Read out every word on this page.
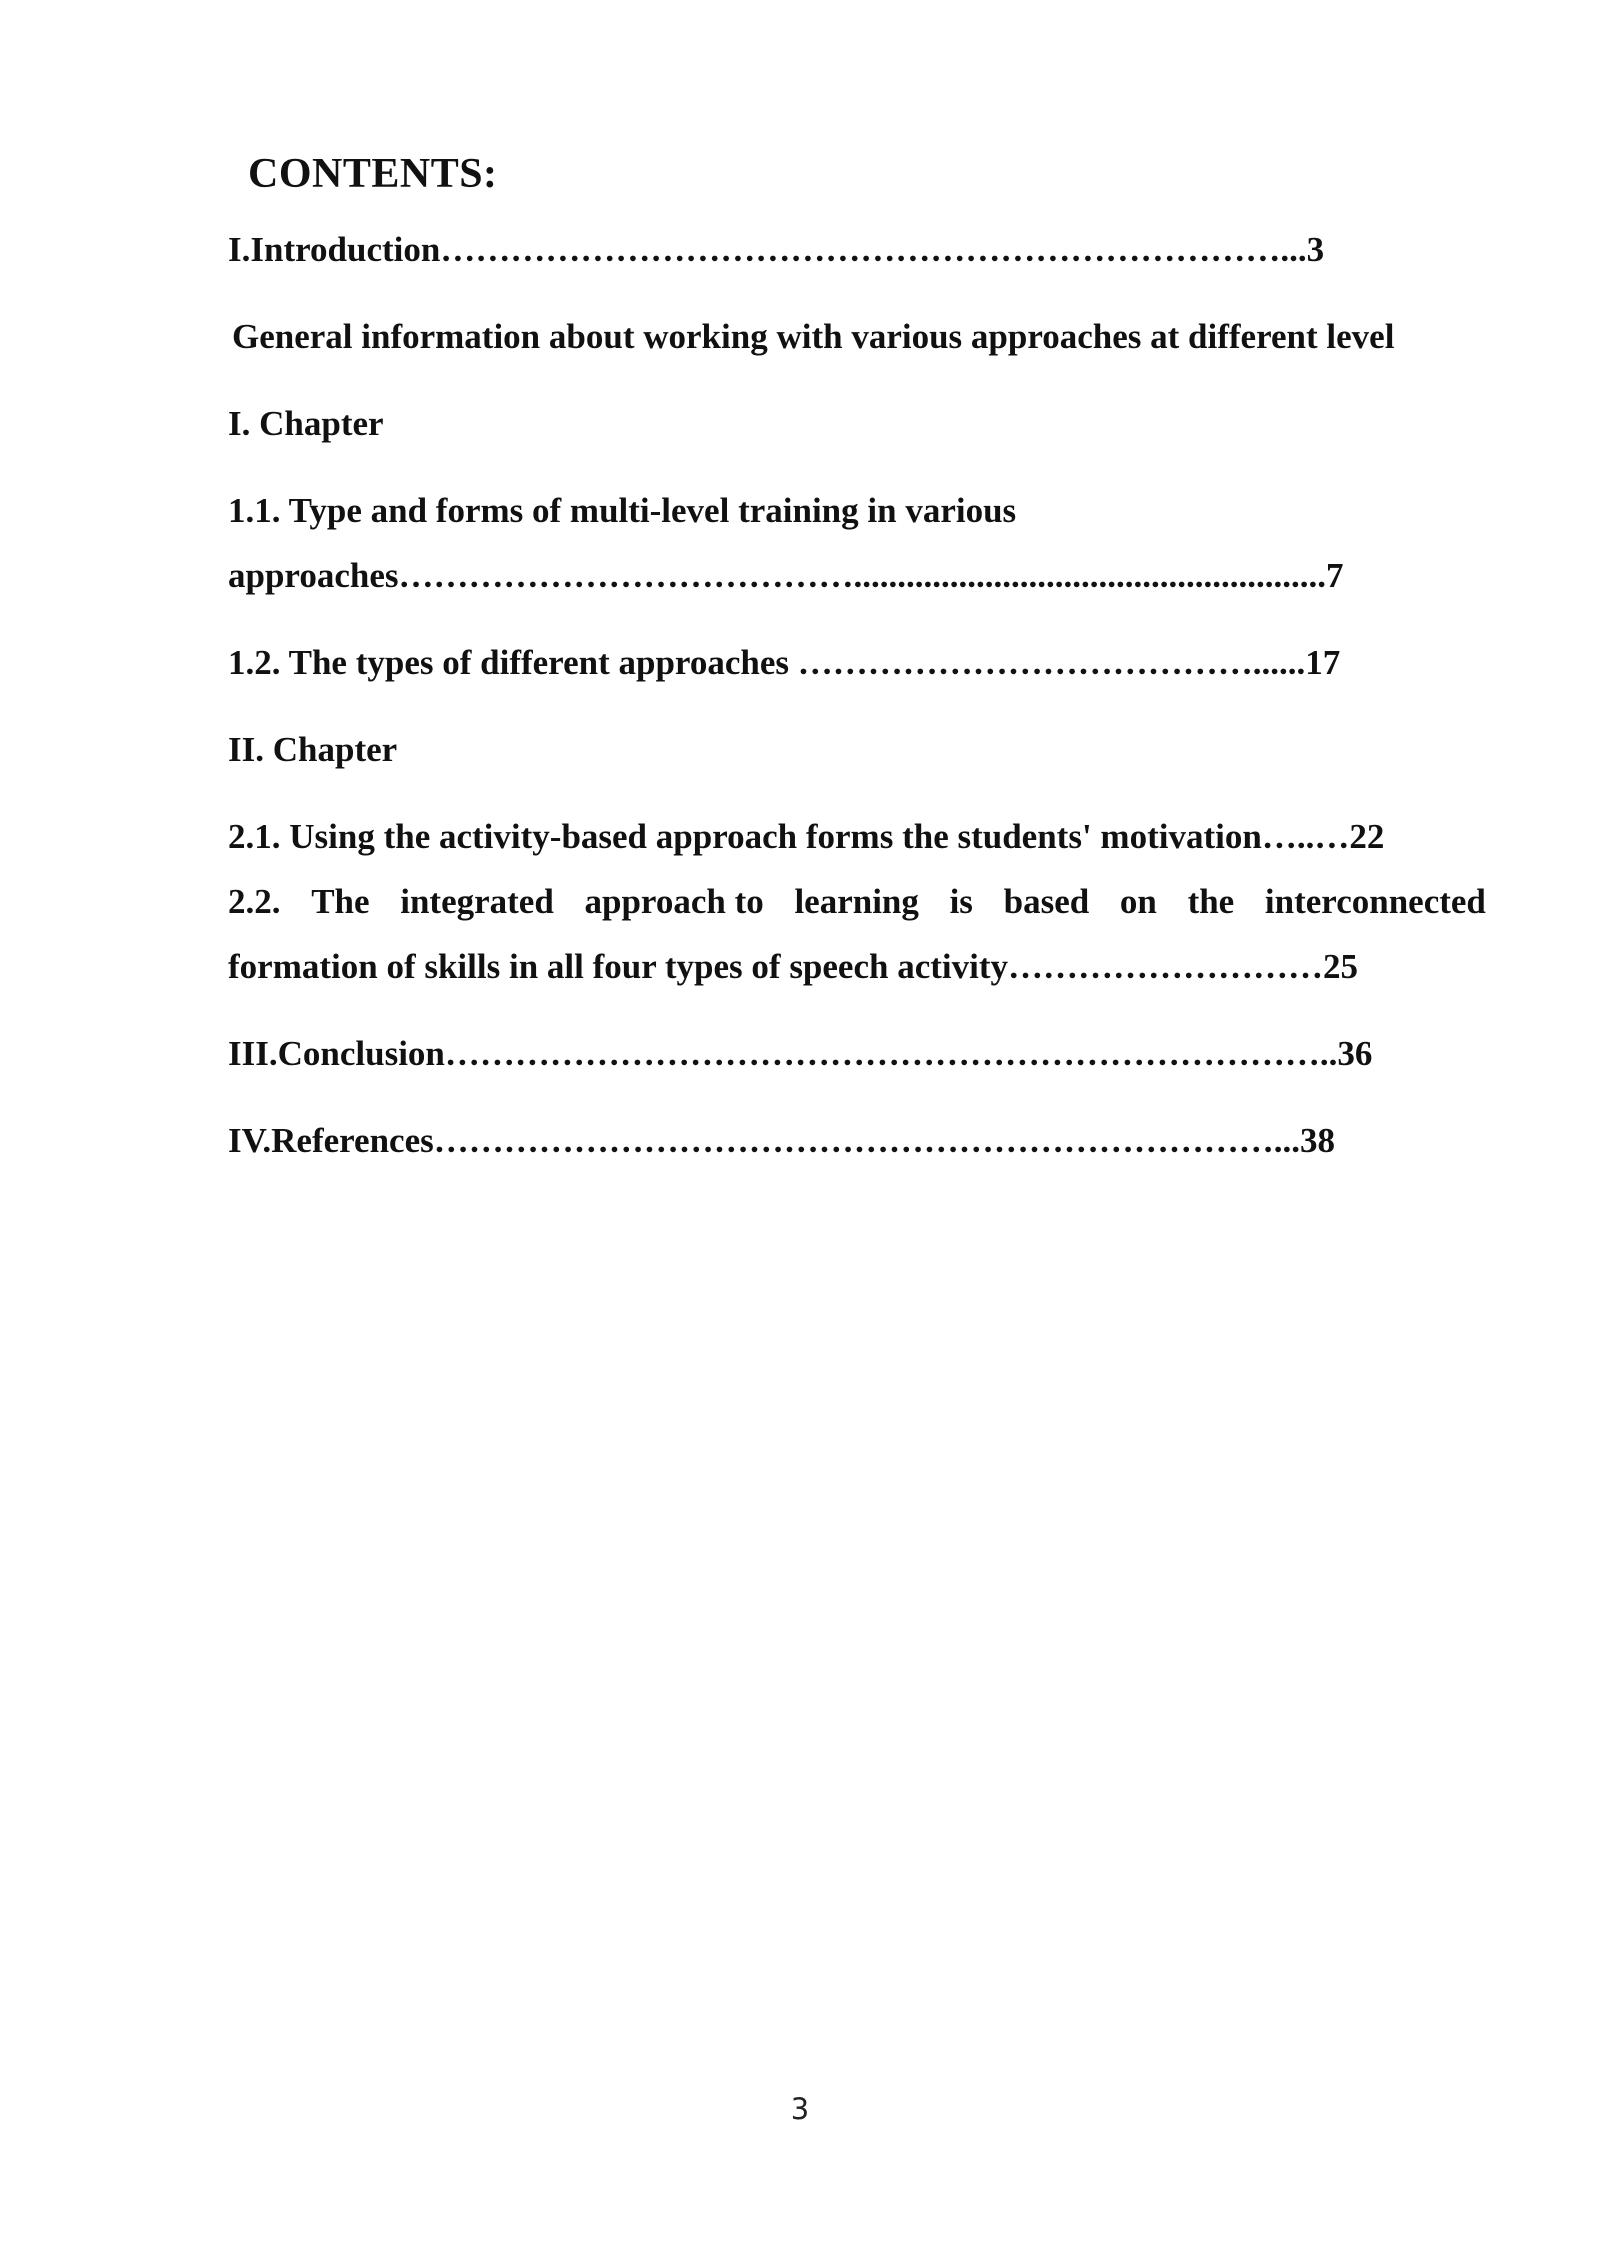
CONTENTS:
I.Introduction………………………………………………………………...3
General information about working with various approaches at different level
I. Chapter
1.1. Type and forms of multi-level training in various
approaches…………………………………......................................................7
1.2. The types of different approaches …………………………………......17
II. Chapter
2.1. Using the activity-based approach forms the students' motivation…..…22
2.2. The integrated approach to learning is based on the interconnected
formation of skills in all four types of speech activity………………………25
III.Conclusion…………………………………………………………………..36
IV.References………………………………………………………………...38
3
